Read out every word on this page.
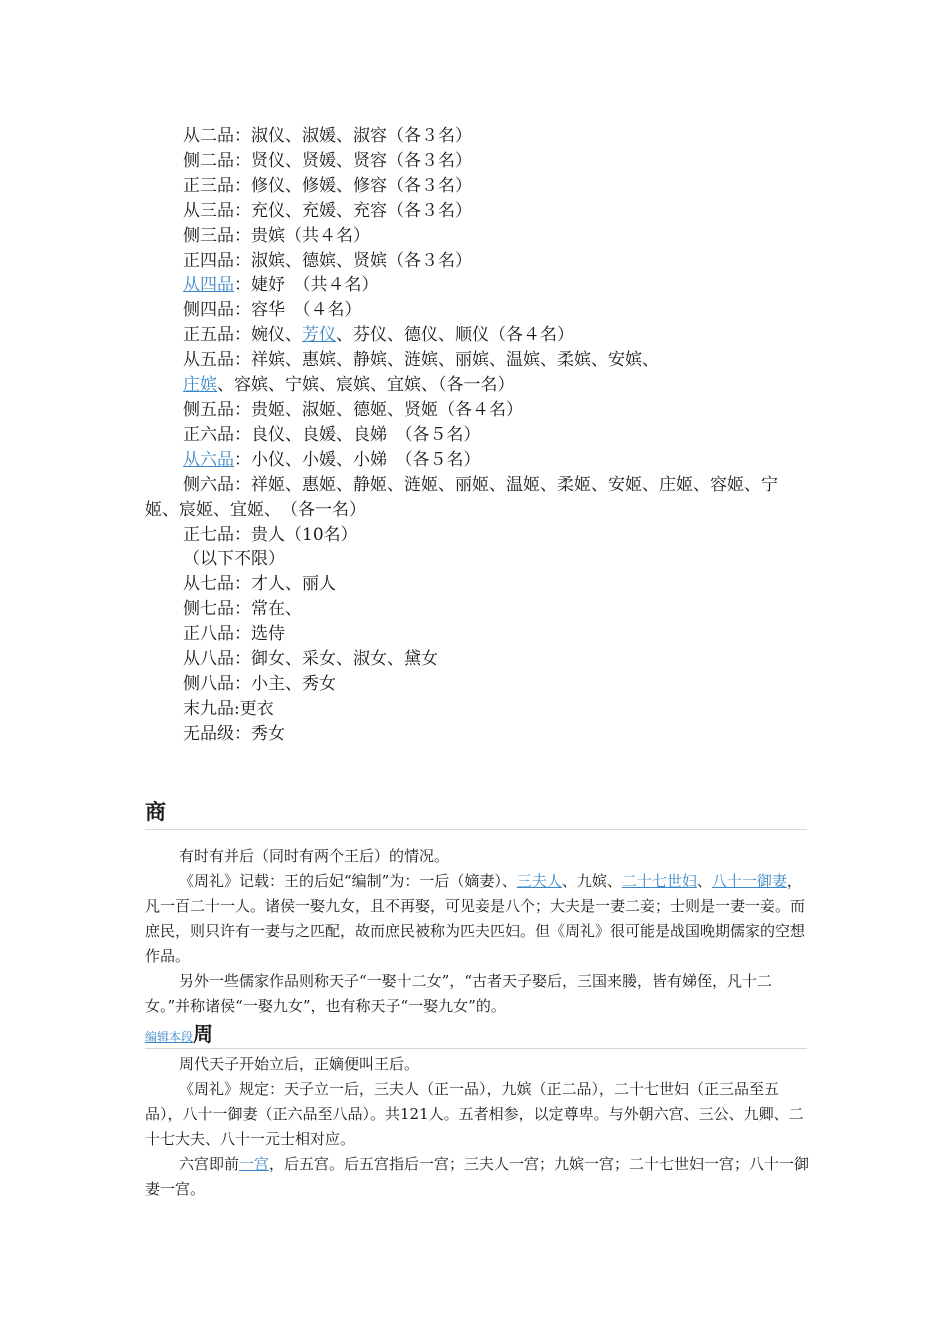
从二品：淑仪、淑媛、淑容（各３名）

侧二品：贤仪、贤媛、贤容（各３名）

正三品：修仪、修媛、修容（各３名）

从三品：充仪、充媛、充容（各３名）

侧三品：贵嫔（共４名）

正四品：淑嫔、德嫔、贤嫔（各３名）

从四品：婕妤　（共４名）

侧四品：容华　（４名）

正五品：婉仪、芳仪、芬仪、德仪、顺仪（各４名）

从五品：祥嫔、惠嫔、静嫔、涟嫔、丽嫔、温嫔、柔嫔、安嫔、

庄嫔、容嫔、宁嫔、宸嫔、宜嫔、（各一名）

侧五品：贵姬、淑姬、德姬、贤姬（各４名）

正六品：良仪、良媛、良娣　（各５名）

从六品：小仪、小媛、小娣　（各５名）

侧六品：祥姬、惠姬、静姬、涟姬、丽姬、温姬、柔姬、安姬、庄姬、容姬、宁姬、宸姬、宜姬、　（各一名）

正七品：贵人（10名）

（以下不限）

从七品：才人、丽人

侧七品：常在、

正八品：选侍

从八品：御女、采女、淑女、黛女

侧八品：小主、秀女

末九品:更衣

无品级：秀女

商

有时有并后（同时有两个王后）的情况。

《周礼》记载：王的后妃“编制”为：一后（嫡妻）、三夫人、九嫔、二十七世妇、八十一御妻，凡一百二十一人。诸侯一娶九女，且不再娶，可见妾是八个；大夫是一妻二妾；士则是一妻一妾。而庶民，则只许有一妻与之匹配，故而庶民被称为匹夫匹妇。但《周礼》很可能是战国晚期儒家的空想作品。

另外一些儒家作品则称天子“一娶十二女”，“古者天子娶后，三国来媵，皆有娣侄，凡十二女。”并称诸侯“一娶九女”，也有称天子“一娶九女”的。

编辑本段周

周代天子开始立后，正嫡便叫王后。

《周礼》规定：天子立一后，三夫人（正一品），九嫔（正二品），二十七世妇（正三品至五品），八十一御妻（正六品至八品）。共121人。五者相参，以定尊卑。与外朝六宫、三公、九卿、二十七大夫、八十一元士相对应。

六宫即前一宫，后五宫。后五宫指后一宫；三夫人一宫；九嫔一宫；二十七世妇一宫；八十一御妻一宫。
